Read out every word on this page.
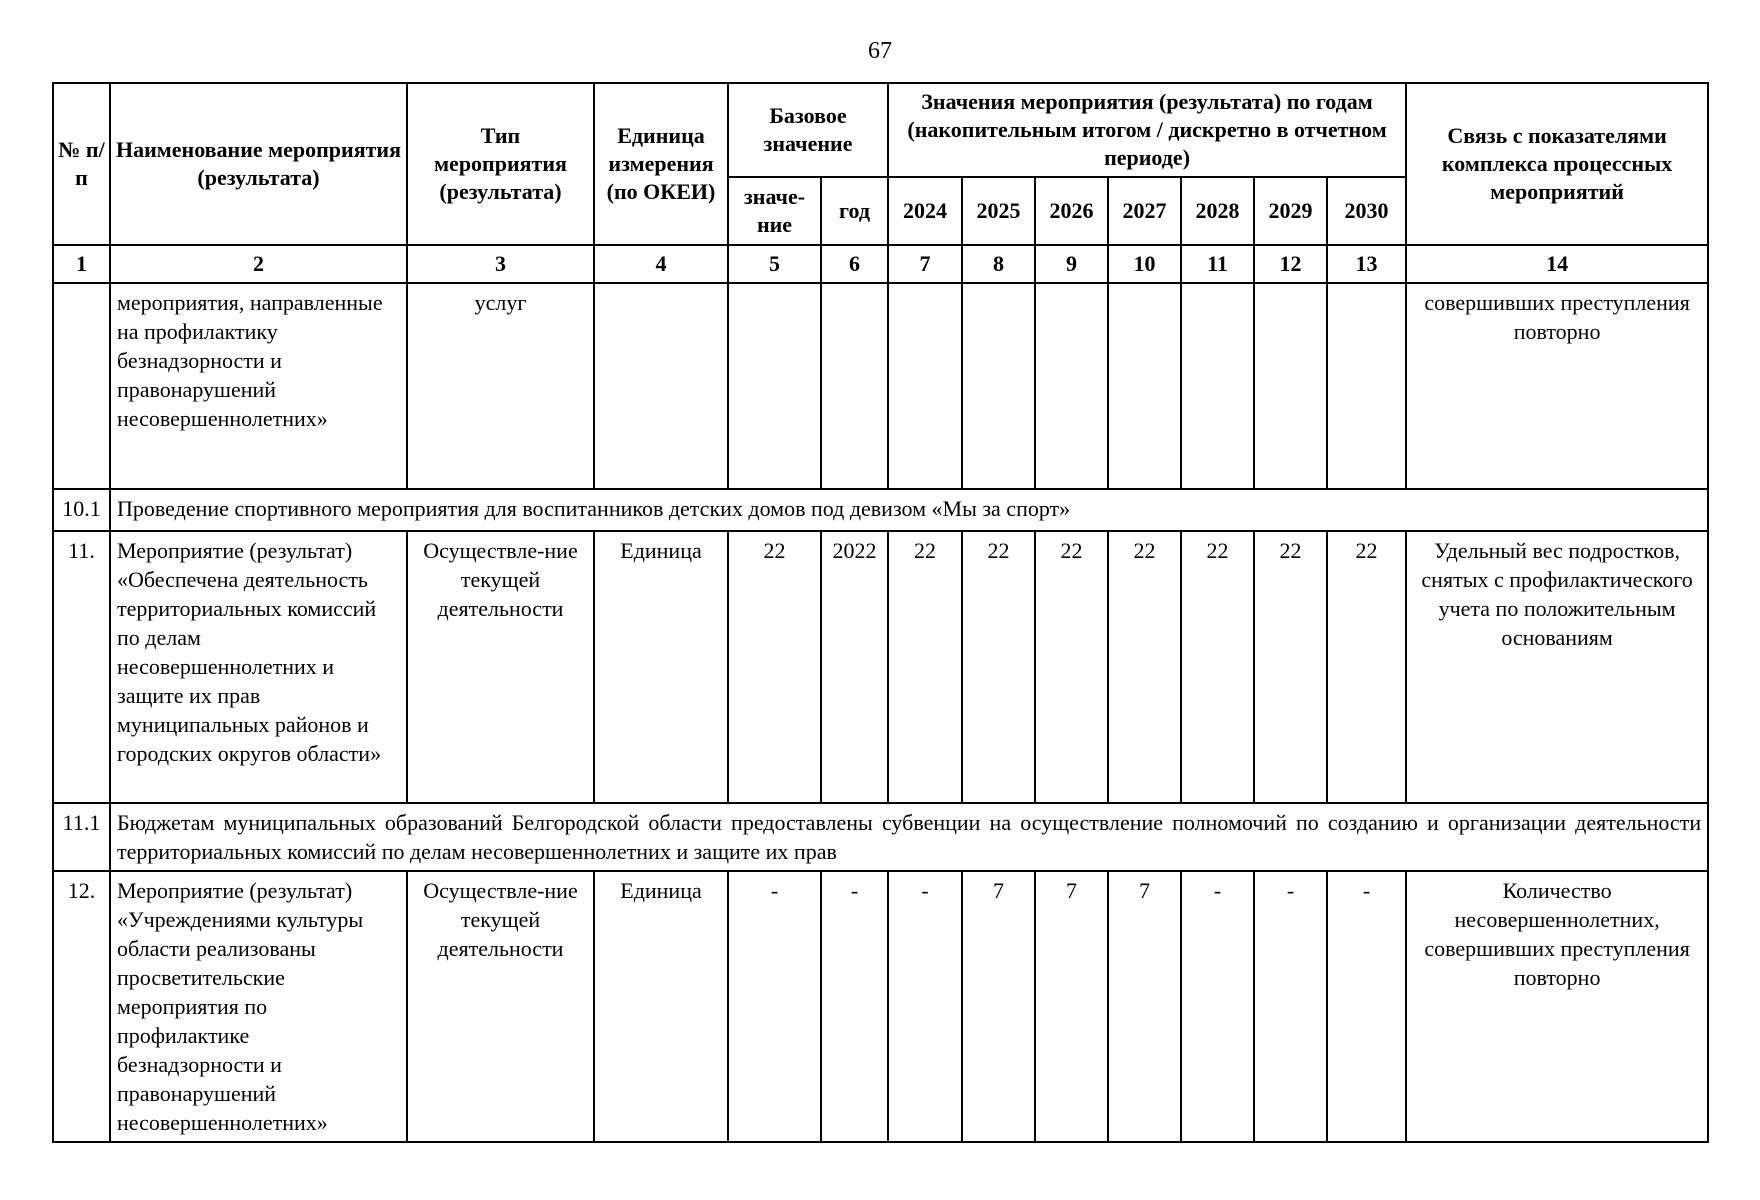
67
№ п/п	Наименование мероприятия (результата)	Тип мероприятия (результата)	Единица измерения (по ОКЕИ)	Базовое значение		Значения мероприятия (результата) по годам (накопительным итогом / дискретно в отчетном периоде)							Связь с показателями комплекса процессных мероприятий
				значе-ние	год	2024	2025	2026	2027	2028	2029	2030	
1	2	3	4	5	6	7	8	9	10	11	12	13	14
	мероприятия, направленные на профилактику безнадзорности и правонарушений несовершеннолетних»	услуг											совершивших преступления повторно
10.1	Проведение спортивного мероприятия для воспитанников детских домов под девизом «Мы за спорт»												
11.	Мероприятие (результат) «Обеспечена деятельность территориальных комиссий по делам несовершеннолетних и защите их прав муниципальных районов и городских округов области»	Осуществле-ние текущей деятельности	Единица	22	2022	22	22	22	22	22	22	22	Удельный вес подростков, снятых с профилактического учета по положительным основаниям
11.1	Бюджетам муниципальных образований Белгородской области предоставлены субвенции на осуществление полномочий по созданию и организации деятельности территориальных комиссий по делам несовершеннолетних и защите их прав												
12.	Мероприятие (результат) «Учреждениями культуры области реализованы просветительские мероприятия по профилактике безнадзорности и правонарушений несовершеннолетних»	Осуществле-ние текущей деятельности	Единица	-	-	-	7	7	7	-	-	-	Количество несовершеннолетних, совершивших преступления повторно
